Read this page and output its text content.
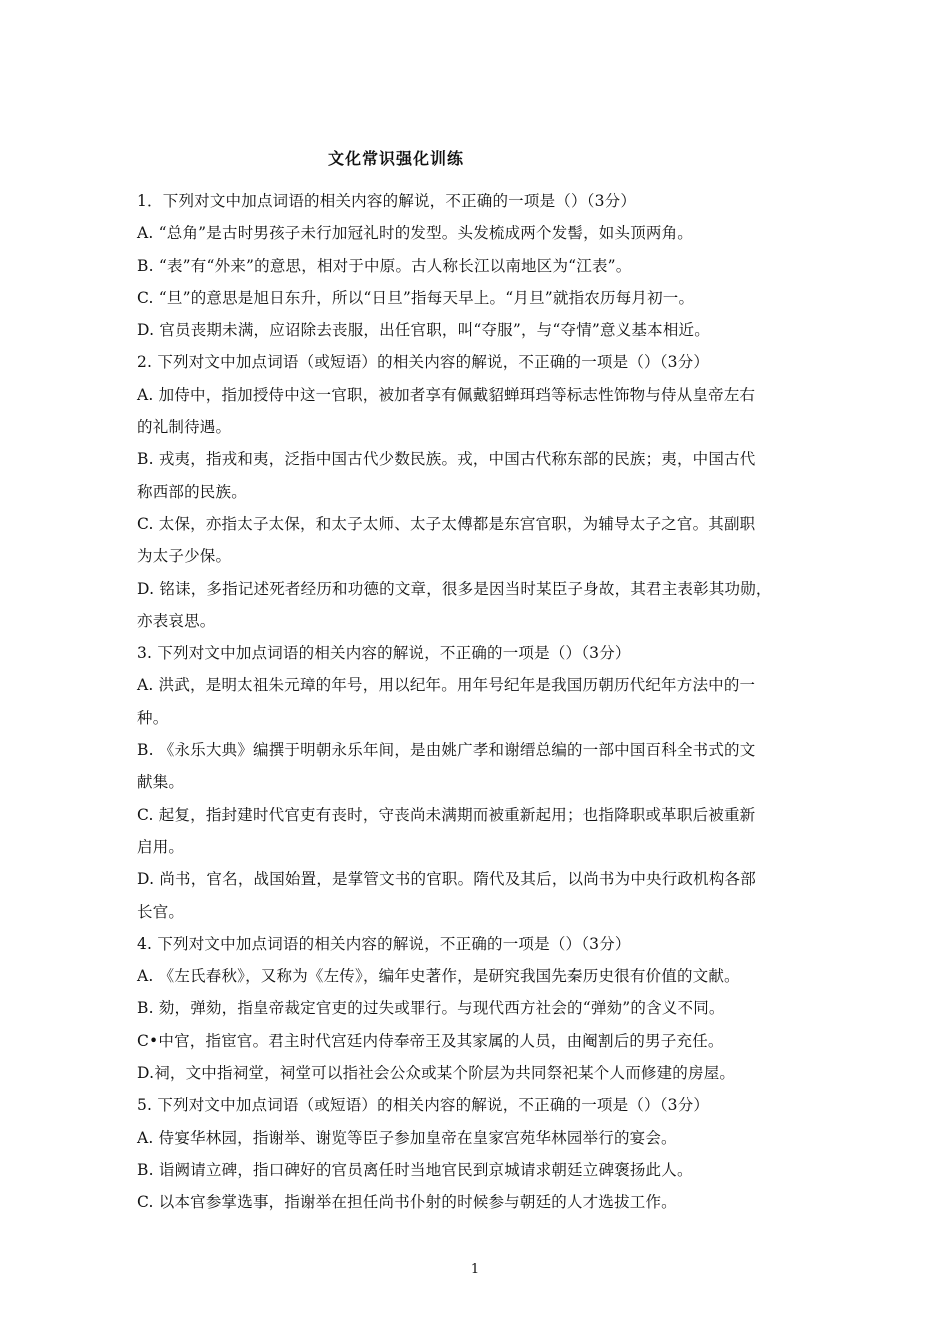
文化常识强化训练
1．下列对文中加点词语的相关内容的解说，不正确的一项是（）（3分）
A. “总角”是古时男孩子未行加冠礼时的发型。头发梳成两个发髻，如头顶两角。
B. “表”有“外来”的意思，相对于中原。古人称长江以南地区为“江表”。
C. “旦”的意思是旭日东升，所以“日旦”指每天早上。“月旦”就指农历每月初一。
D. 官员丧期未满，应诏除去丧服，出任官职，叫“夺服”，与“夺情”意义基本相近。
2. 下列对文中加点词语（或短语）的相关内容的解说，不正确的一项是（）（3分）
A. 加侍中，指加授侍中这一官职，被加者享有佩戴貂蝉珥珰等标志性饰物与侍从皇帝左右
的礼制待遇。
B. 戎夷，指戎和夷，泛指中国古代少数民族。戎，中国古代称东部的民族；夷，中国古代
称西部的民族。
C. 太保，亦指太子太保，和太子太师、太子太傅都是东宫官职，为辅导太子之官。其副职
为太子少保。
D. 铭诔，多指记述死者经历和功德的文章，很多是因当时某臣子身故，其君主表彰其功勋，
亦表哀思。
3. 下列对文中加点词语的相关内容的解说，不正确的一项是（）（3分）
A. 洪武，是明太祖朱元璋的年号，用以纪年。用年号纪年是我国历朝历代纪年方法中的一
种。
B. 《永乐大典》编撰于明朝永乐年间，是由姚广孝和谢缙总编的一部中国百科全书式的文
献集。
C. 起复，指封建时代官吏有丧时，守丧尚未满期而被重新起用；也指降职或革职后被重新
启用。
D. 尚书，官名，战国始置，是掌管文书的官职。隋代及其后，以尚书为中央行政机构各部
长官。
4. 下列对文中加点词语的相关内容的解说，不正确的一项是（）（3分）
A. 《左氏春秋》，又称为《左传》，编年史著作，是研究我国先秦历史很有价值的文献。
B. 劾，弹劾，指皇帝裁定官吏的过失或罪行。与现代西方社会的“弹劾”的含义不同。
C•中官，指宦官。君主时代宫廷内侍奉帝王及其家属的人员，由阉割后的男子充任。
D.祠，文中指祠堂，祠堂可以指社会公众或某个阶层为共同祭祀某个人而修建的房屋。
5. 下列对文中加点词语（或短语）的相关内容的解说，不正确的一项是（）（3分）
A. 侍宴华林园，指谢举、谢览等臣子参加皇帝在皇家宫苑华林园举行的宴会。
B. 诣阙请立碑，指口碑好的官员离任时当地官民到京城请求朝廷立碑褒扬此人。
C. 以本官参掌选事，指谢举在担任尚书仆射的时候参与朝廷的人才选拔工作。
1
